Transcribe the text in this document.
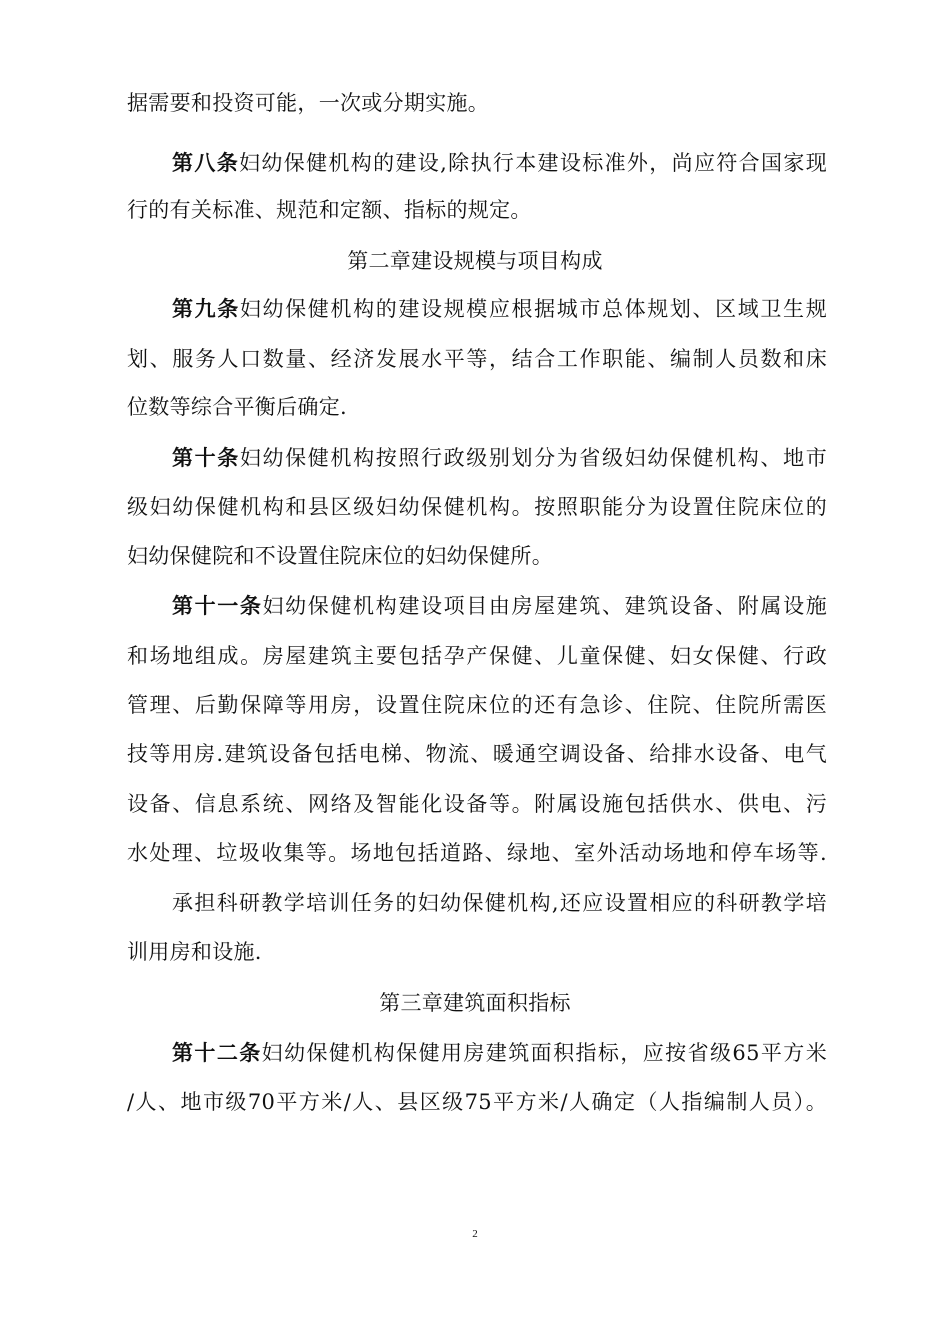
据需要和投资可能，一次或分期实施。
第八条妇幼保健机构的建设,除执行本建设标准外，尚应符合国家现
行的有关标准、规范和定额、指标的规定。
第二章建设规模与项目构成
第九条妇幼保健机构的建设规模应根据城市总体规划、区域卫生规
划、服务人口数量、经济发展水平等，结合工作职能、编制人员数和床
位数等综合平衡后确定.
第十条妇幼保健机构按照行政级别划分为省级妇幼保健机构、地市
级妇幼保健机构和县区级妇幼保健机构。按照职能分为设置住院床位的
妇幼保健院和不设置住院床位的妇幼保健所。
第十一条妇幼保健机构建设项目由房屋建筑、建筑设备、附属设施
和场地组成。房屋建筑主要包括孕产保健、儿童保健、妇女保健、行政
管理、后勤保障等用房，设置住院床位的还有急诊、住院、住院所需医
技等用房.建筑设备包括电梯、物流、暖通空调设备、给排水设备、电气
设备、信息系统、网络及智能化设备等。附属设施包括供水、供电、污
水处理、垃圾收集等。场地包括道路、绿地、室外活动场地和停车场等.
承担科研教学培训任务的妇幼保健机构,还应设置相应的科研教学培
训用房和设施.
第三章建筑面积指标
第十二条妇幼保健机构保健用房建筑面积指标，应按省级65平方米
/人、地市级70平方米/人、县区级75平方米/人确定（人指编制人员）。
2
